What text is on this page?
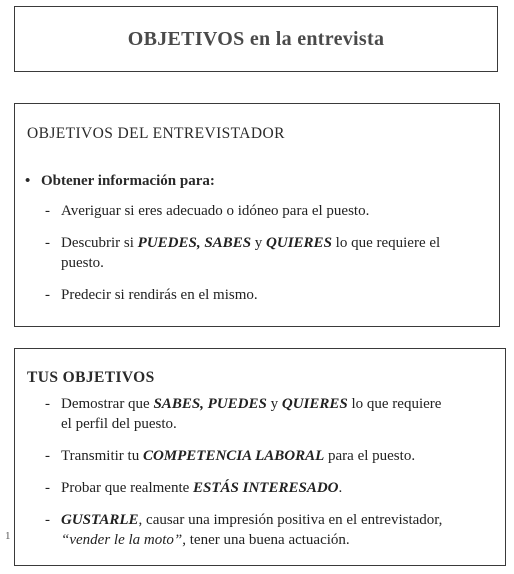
OBJETIVOS en la entrevista
OBJETIVOS DEL ENTREVISTADOR
• Obtener información para:
- Averiguar si eres adecuado o idóneo para el puesto.
- Descubrir si PUEDES, SABES y QUIERES lo que requiere el
puesto.
- Predecir si rendirás en el mismo.
TUS OBJETIVOS
- Demostrar que SABES, PUEDES y QUIERES lo que requiere
el perfil del puesto.
- Transmitir tu COMPETENCIA LABORAL para el puesto.
- Probar que realmente ESTÁS INTERESADO.
- GUSTARLE, causar una impresión positiva en el entrevistador,
“vender le la moto”, tener una buena actuación.
1
